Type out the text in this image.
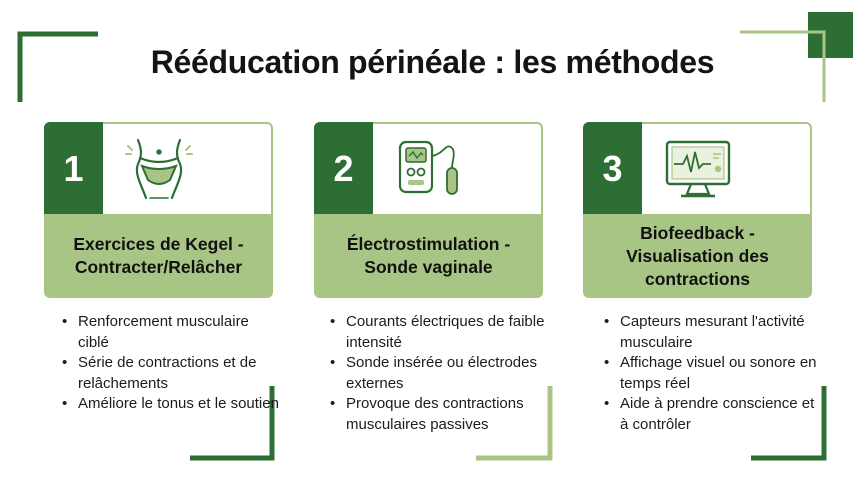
Rééducation périnéale : les méthodes
1
Exercices de Kegel -
Contracter/Relâcher
2
Électrostimulation -
Sonde vaginale
3
Biofeedback -
Visualisation des
contractions
• Renforcement musculaire ciblé
• Série de contractions et de relâchements
• Améliore le tonus et le soutien
• Courants électriques de faible intensité
• Sonde insérée ou électrodes externes
• Provoque des contractions musculaires passives
• Capteurs mesurant l'activité musculaire
• Affichage visuel ou sonore en temps réel
• Aide à prendre conscience et à contrôler
